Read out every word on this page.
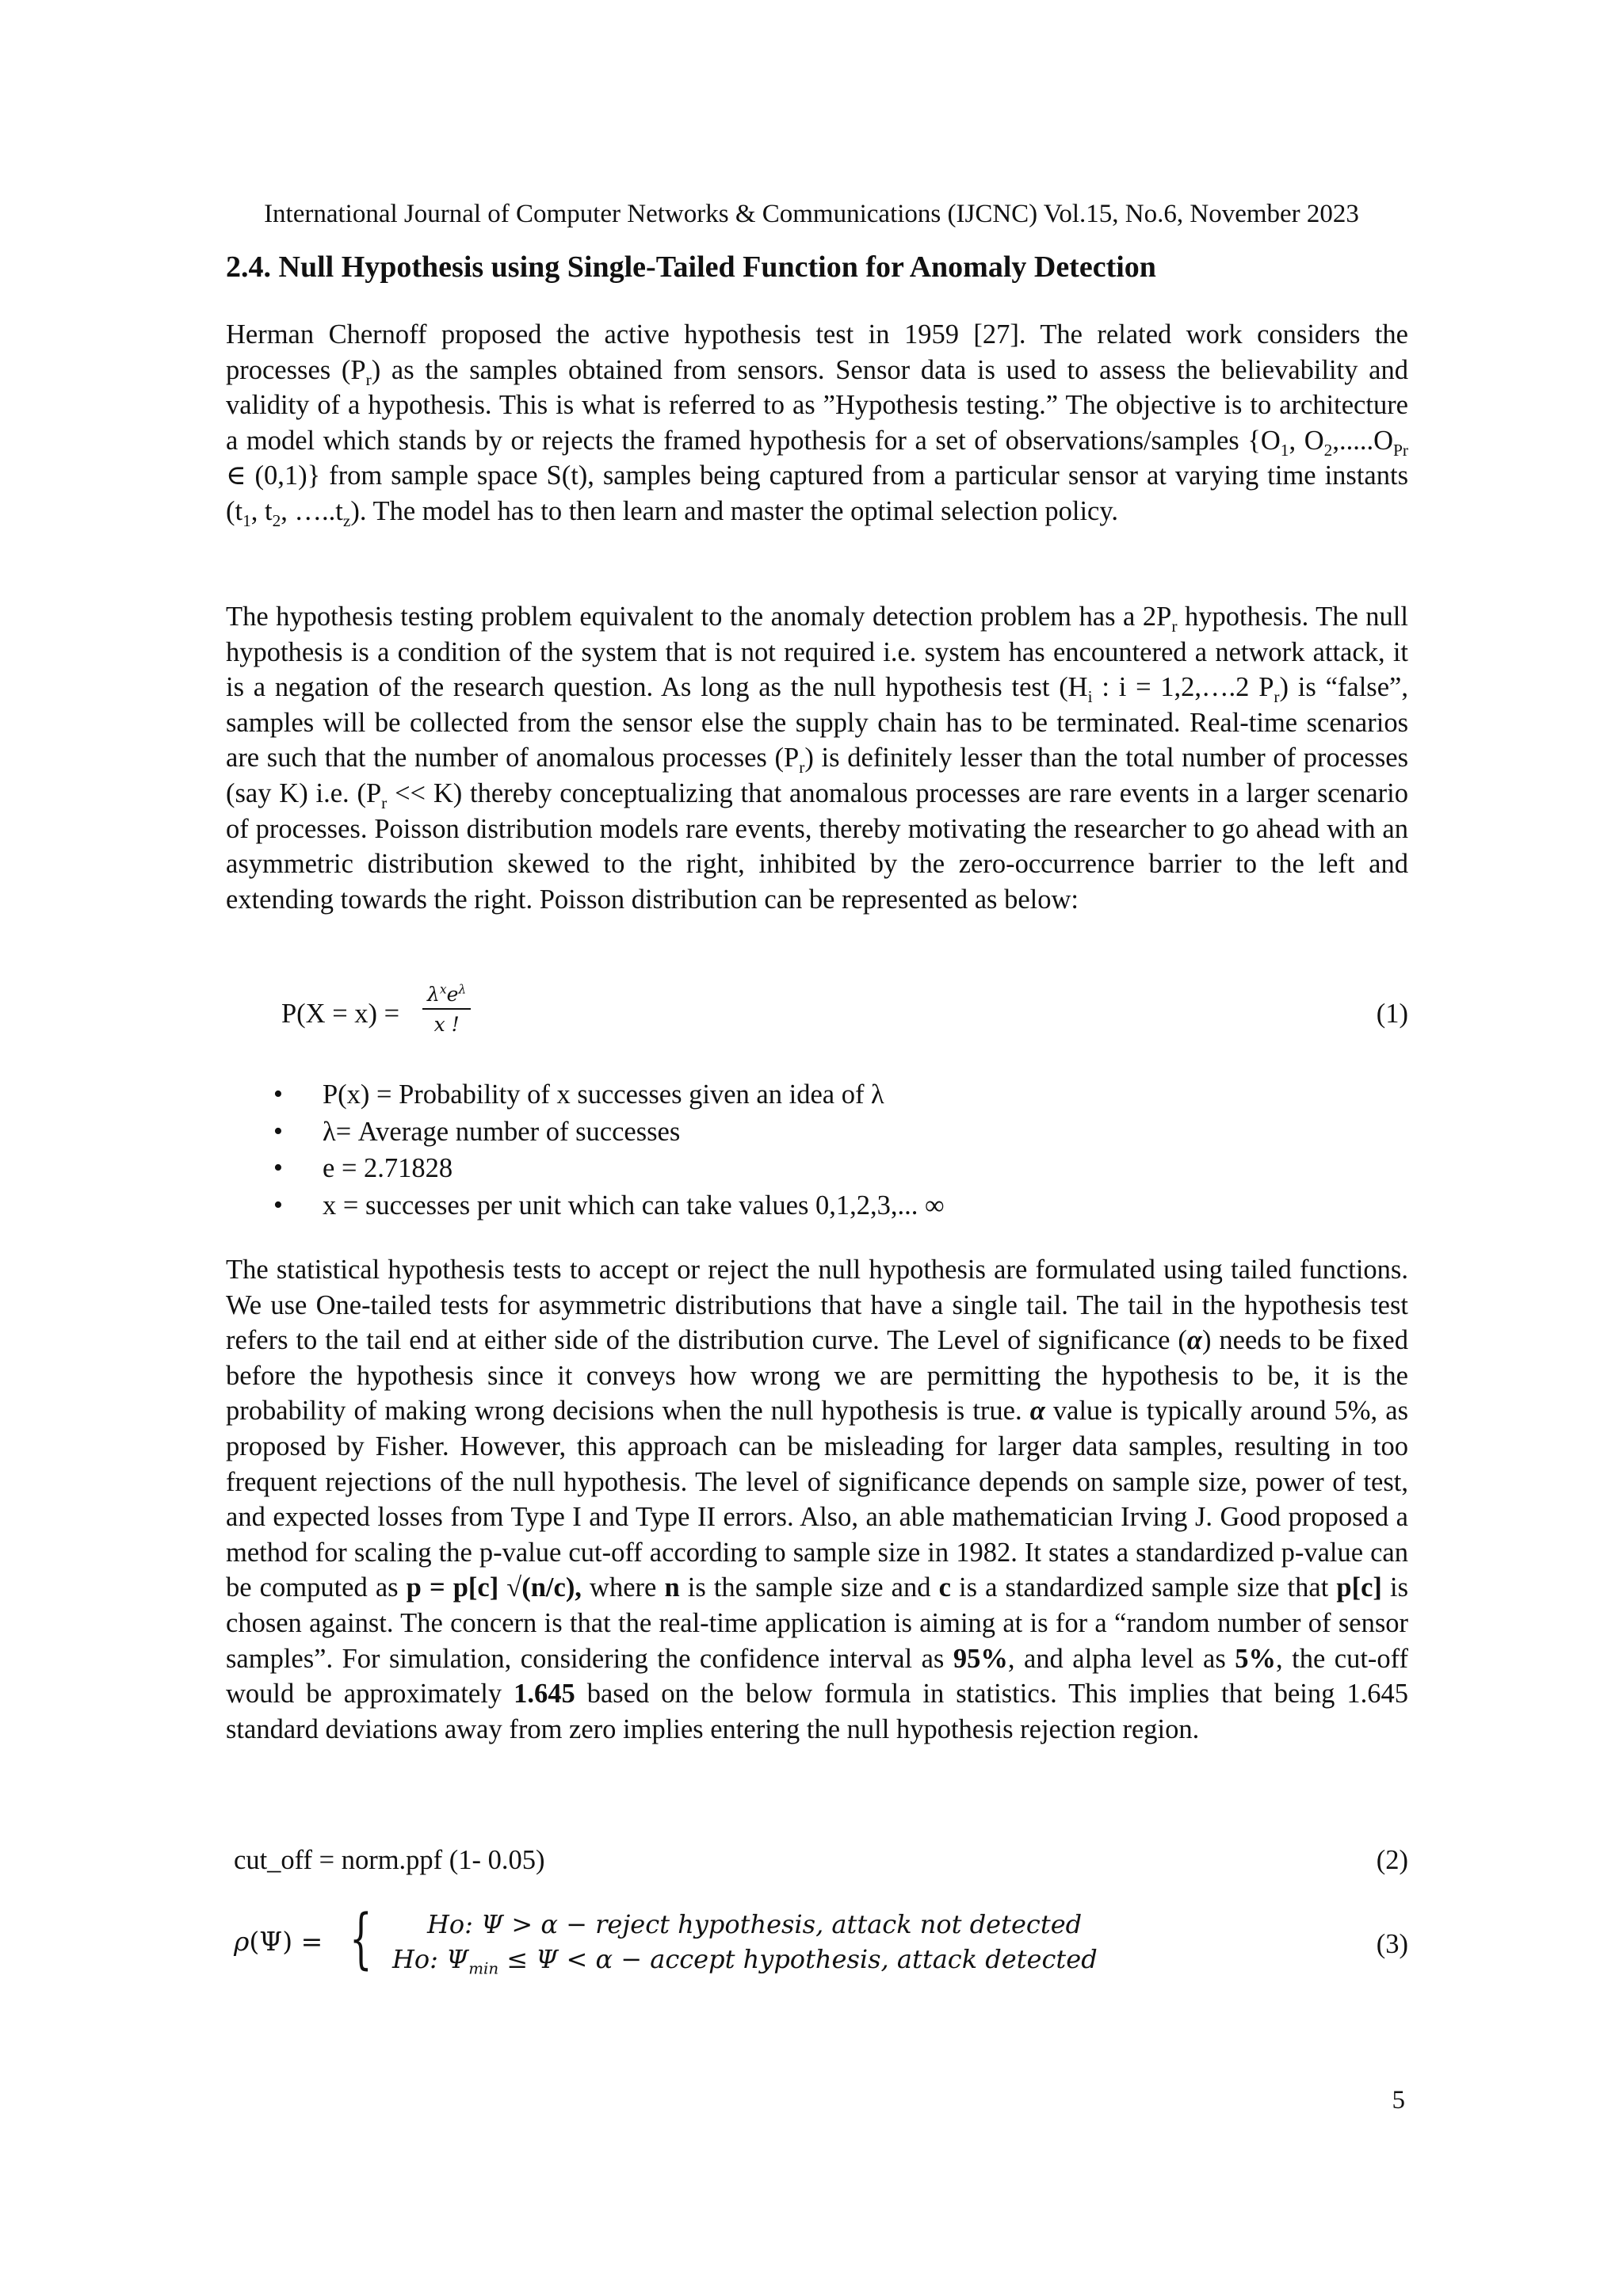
International Journal of Computer Networks & Communications (IJCNC) Vol.15, No.6, November 2023
2.4. Null Hypothesis using Single-Tailed Function for Anomaly Detection
Herman Chernoff proposed the active hypothesis test in 1959 [27]. The related work considers the processes $(P_r)$ as the samples obtained from sensors. Sensor data is used to assess the believability and validity of a hypothesis. This is what is referred to as ”Hypothesis testing.” The objective is to architecture a model which stands by or rejects the framed hypothesis for a set of observations/samples {$O_1$, $O_2,.....O_{Pr}$ ∈ (0,1)} from sample space S(t), samples being captured from a particular sensor at varying time instants ($t_1$, $t_2$, $\dots..t_z$). The model has to then learn and master the optimal selection policy.
The hypothesis testing problem equivalent to the anomaly detection problem has a $2P_r$ hypothesis. The null hypothesis is a condition of the system that is not required i.e. system has encountered a network attack, it is a negation of the research question. As long as the null hypothesis test ($H_i$ : i = 1,2,….2 $P_r$) is “false”, samples will be collected from the sensor else the supply chain has to be terminated. Real-time scenarios are such that the number of anomalous processes $(P_r)$ is definitely lesser than the total number of processes (say K) i.e. $(P_r << K)$ thereby conceptualizing that anomalous processes are rare events in a larger scenario of processes. Poisson distribution models rare events, thereby motivating the researcher to go ahead with an asymmetric distribution skewed to the right, inhibited by the zero-occurrence barrier to the left and extending towards the right. Poisson distribution can be represented as below:
P(X = x) =
$\lambda^xe^\lambda$
x !	(1)
• P(x) = Probability of x successes given an idea of λ
• λ= Average number of successes
• e = 2.71828
• x = successes per unit which can take values 0,1,2,3,... ∞
The statistical hypothesis tests to accept or reject the null hypothesis are formulated using tailed functions. We use One-tailed tests for asymmetric distributions that have a single tail. The tail in the hypothesis test refers to the tail end at either side of the distribution curve. The Level of significance (α) needs to be fixed before the hypothesis since it conveys how wrong we are permitting the hypothesis to be, it is the probability of making wrong decisions when the null hypothesis is true. α value is typically around 5%, as proposed by Fisher. However, this approach can be misleading for larger data samples, resulting in too frequent rejections of the null hypothesis. The level of significance depends on sample size, power of test, and expected losses from Type I and Type II errors. Also, an able mathematician Irving J. Good proposed a method for scaling the p-value cut-off according to sample size in 1982. It states a standardized p-value can be computed as p = p[c] √(n/c), where n is the sample size and c is a standardized sample size that p[c] is chosen against. The concern is that the real-time application is aiming at is for a “random number of sensor samples”. For simulation, considering the confidence interval as 95%, and alpha level as 5%, the cut-off would be approximately 1.645 based on the below formula in statistics. This implies that being 1.645 standard deviations away from zero implies entering the null hypothesis rejection region.
cut_off = norm.ppf (1- 0.05)	(2)
ρ(Ψ) = {	Ho: Ψ > α − reject hypothesis, attack not detected
Ho: $\Psi_{min} \le \Psi < \alpha$ − accept hypothesis, attack detected	(3)
5
